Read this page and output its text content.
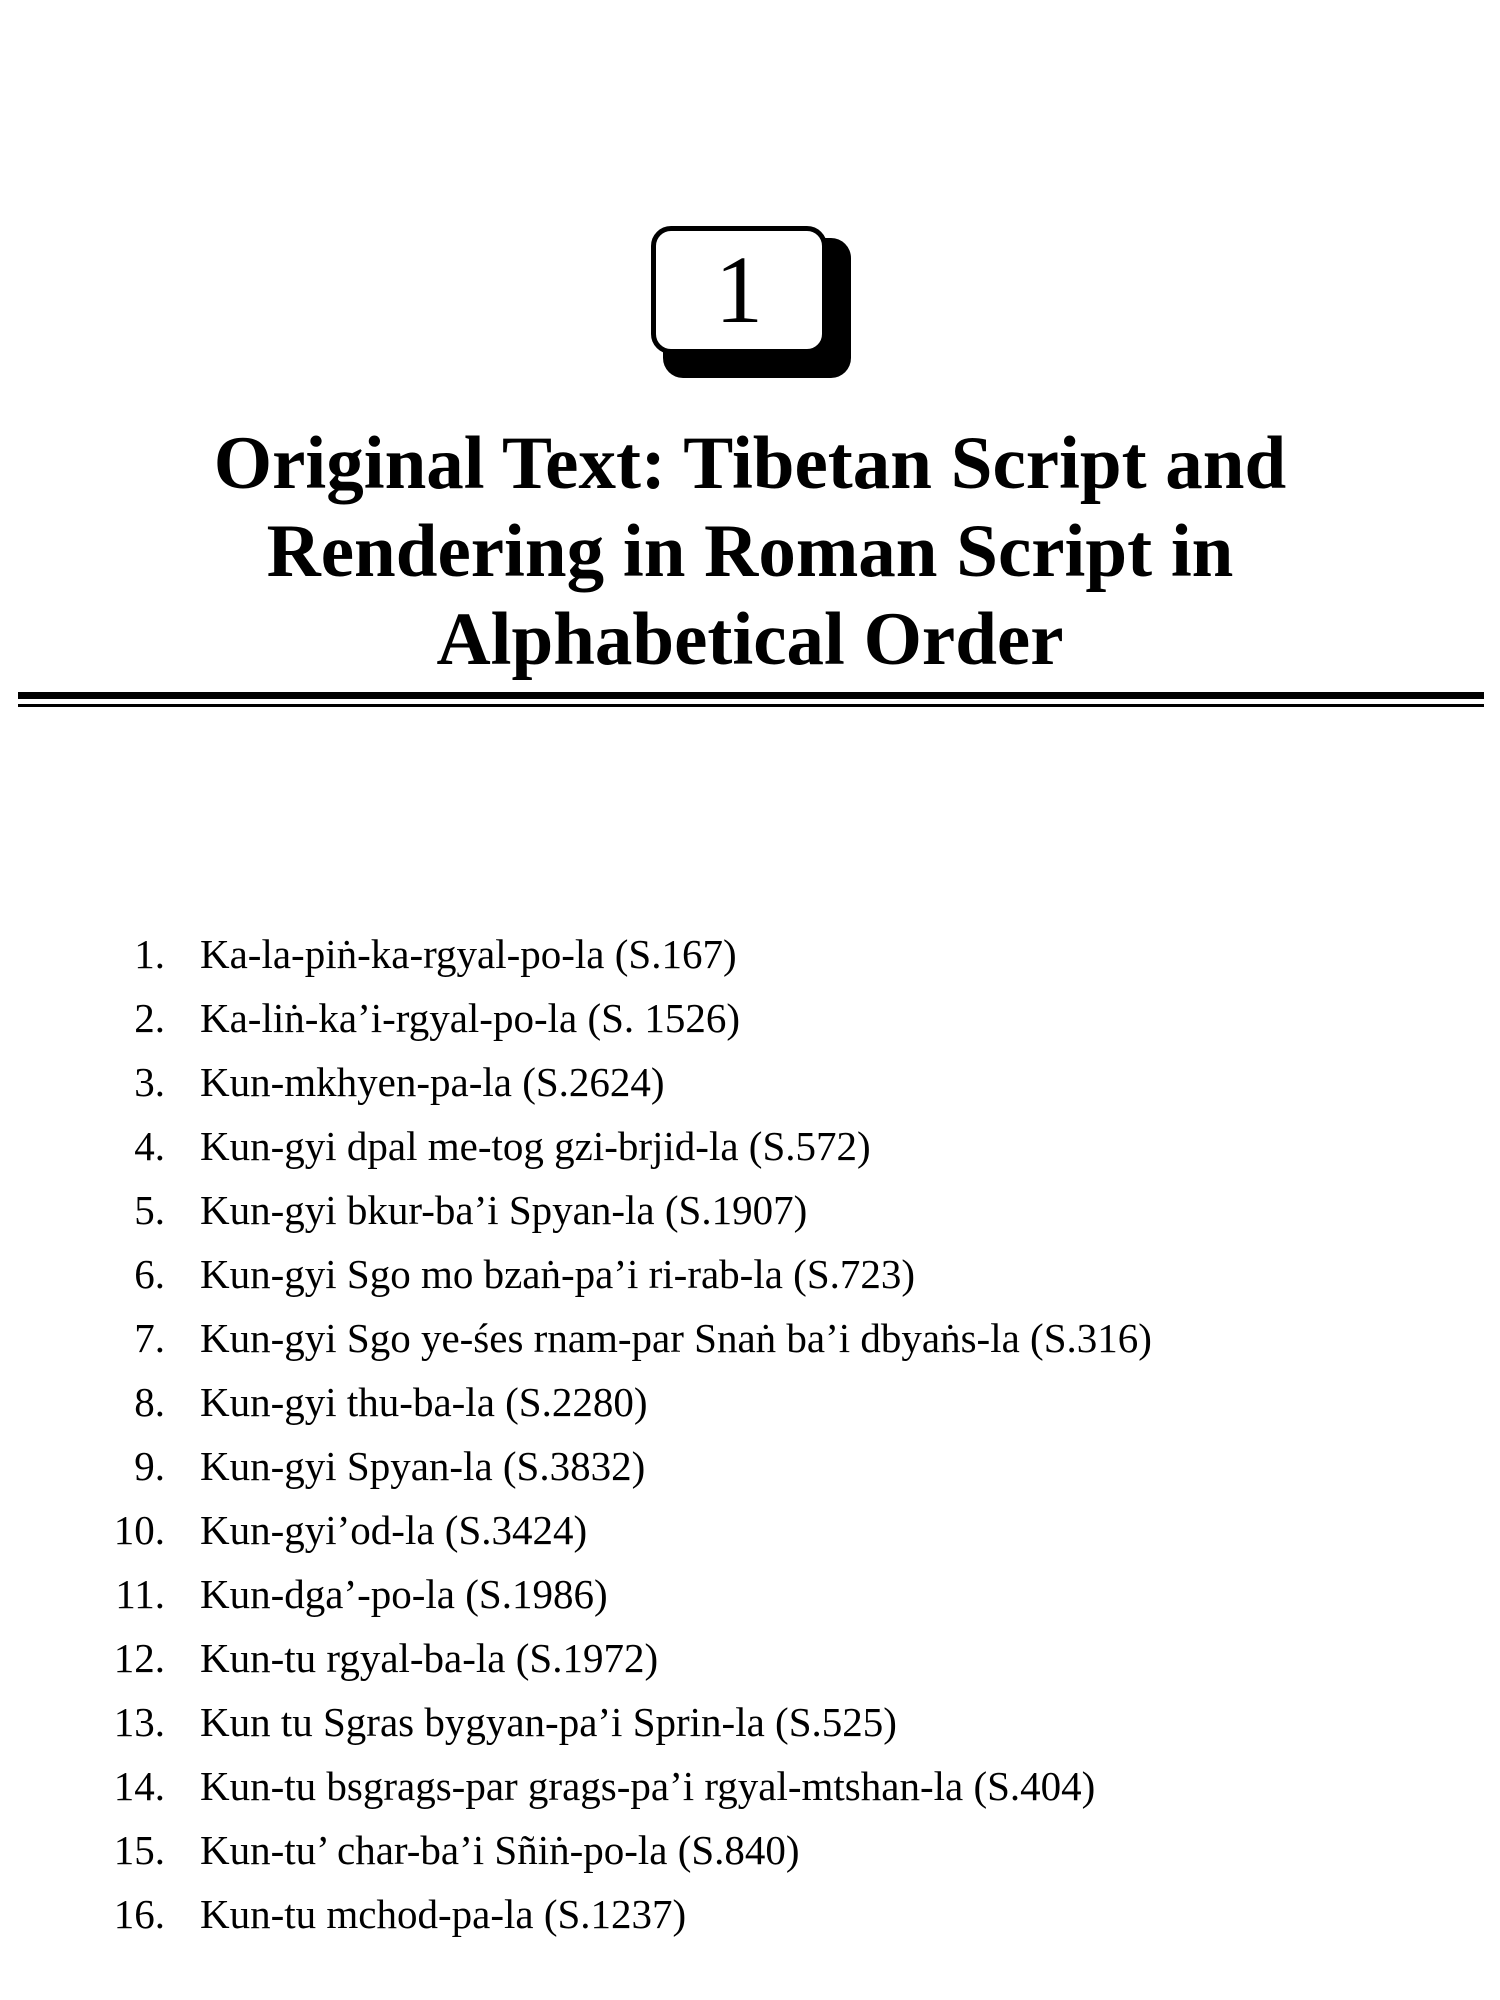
1
Original Text: Tibetan Script and
Rendering in Roman Script in
Alphabetical Order
1. Ka-la-piṅ-ka-rgyal-po-la (S.167)
2. Ka-liṅ-ka’i-rgyal-po-la (S. 1526)
3. Kun-mkhyen-pa-la (S.2624)
4. Kun-gyi dpal me-tog gzi-brjid-la (S.572)
5. Kun-gyi bkur-ba’i Spyan-la (S.1907)
6. Kun-gyi Sgo mo bzaṅ-pa’i ri-rab-la (S.723)
7. Kun-gyi Sgo ye-śes rnam-par Snaṅ ba’i dbyaṅs-la (S.316)
8. Kun-gyi thu-ba-la (S.2280)
9. Kun-gyi Spyan-la (S.3832)
10. Kun-gyi’od-la (S.3424)
11. Kun-dga’-po-la (S.1986)
12. Kun-tu rgyal-ba-la (S.1972)
13. Kun tu Sgras bygyan-pa’i Sprin-la (S.525)
14. Kun-tu bsgrags-par grags-pa’i rgyal-mtshan-la (S.404)
15. Kun-tu’ char-ba’i Sñiṅ-po-la (S.840)
16. Kun-tu mchod-pa-la (S.1237)
